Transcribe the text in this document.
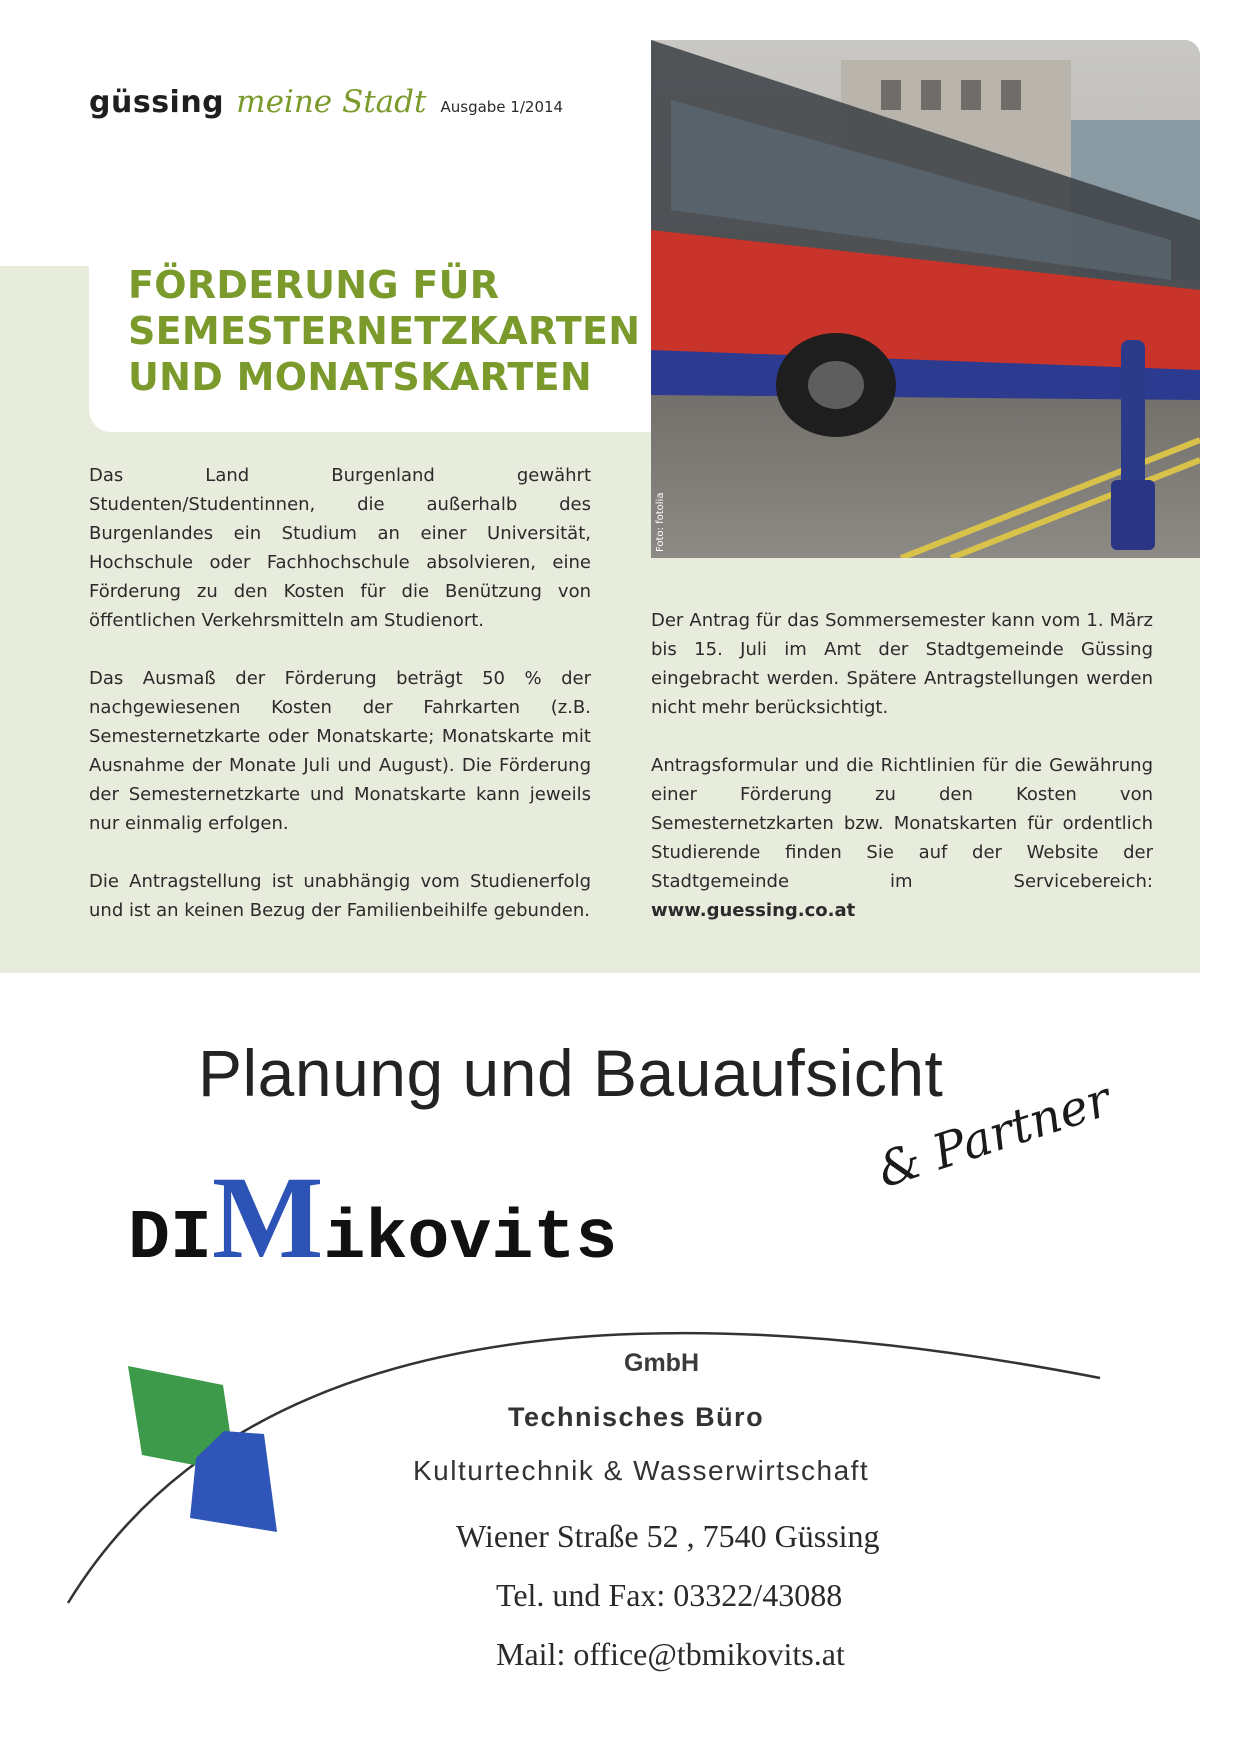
güssing meine Stadt Ausgabe 1/2014
FÖRDERUNG FÜR
SEMESTERNETZKARTEN
UND MONATSKARTEN
Foto: fotolia

Das Land Burgenland gewährt Studenten/Studentinnen, die außerhalb des Burgenlandes ein Studium an einer Universität, Hochschule oder Fachhochschule absolvieren, eine Förderung zu den Kosten für die Benützung von öffentlichen Verkehrsmitteln am Studienort.

Das Ausmaß der Förderung beträgt 50 % der nachgewiesenen Kosten der Fahrkarten (z.B. Semesternetzkarte oder Monatskarte; Monatskarte mit Ausnahme der Monate Juli und August). Die Förderung der Semesternetzkarte und Monatskarte kann jeweils nur einmalig erfolgen.

Die Antragstellung ist unabhängig vom Studienerfolg und ist an keinen Bezug der Familienbeihilfe gebunden.

Der Antrag für das Sommersemester kann vom 1. März bis 15. Juli im Amt der Stadtgemeinde Güssing eingebracht werden. Spätere Antragstellungen werden nicht mehr berücksichtigt.

Antragsformular und die Richtlinien für die Gewährung einer Förderung zu den Kosten von Semesternetzkarten bzw. Monatskarten für ordentlich Studierende finden Sie auf der Website der Stadtgemeinde im Servicebereich: www.guessing.co.at

Planung und Bauaufsicht
DIMikovits
& Partner
GmbH
Technisches Büro
Kulturtechnik & Wasserwirtschaft
Wiener Straße 52 , 7540 Güssing
Tel. und Fax: 03322/43088
Mail: office@tbmikovits.at
